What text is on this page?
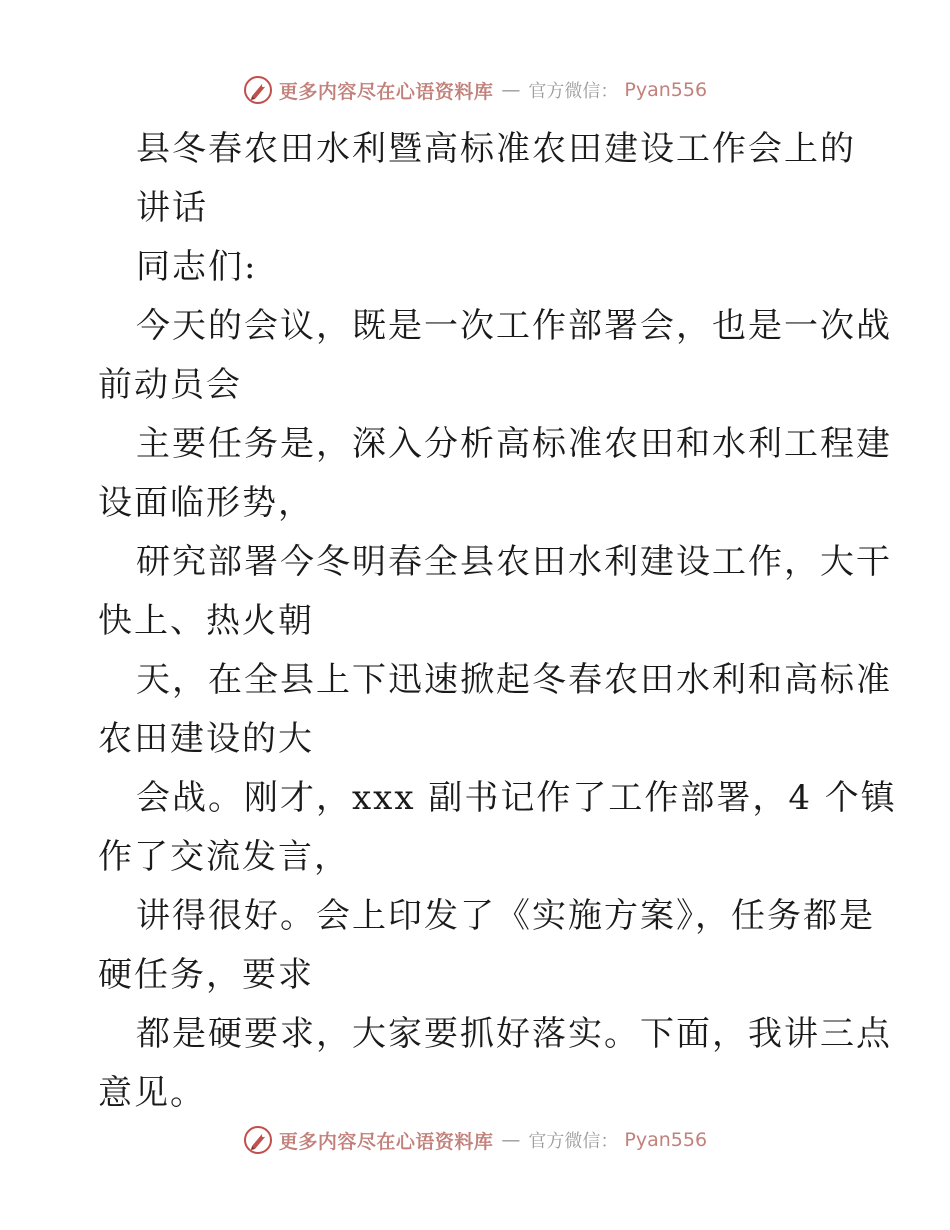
更多内容尽在心语资料库 — 官方微信： Pyan556
县冬春农田水利暨高标准农田建设工作会上的
讲话
同志们:
今天的会议，既是一次工作部署会，也是一次战
前动员会
主要任务是，深入分析高标准农田和水利工程建
设面临形势，
研究部署今冬明春全县农田水利建设工作，大干
快上、热火朝
天，在全县上下迅速掀起冬春农田水利和高标准
农田建设的大
会战。刚才，xxx 副书记作了工作部署，4 个镇
作了交流发言，
讲得很好。会上印发了《实施方案》，任务都是
硬任务，要求
都是硬要求，大家要抓好落实。下面，我讲三点
意见。
更多内容尽在心语资料库 — 官方微信： Pyan556
